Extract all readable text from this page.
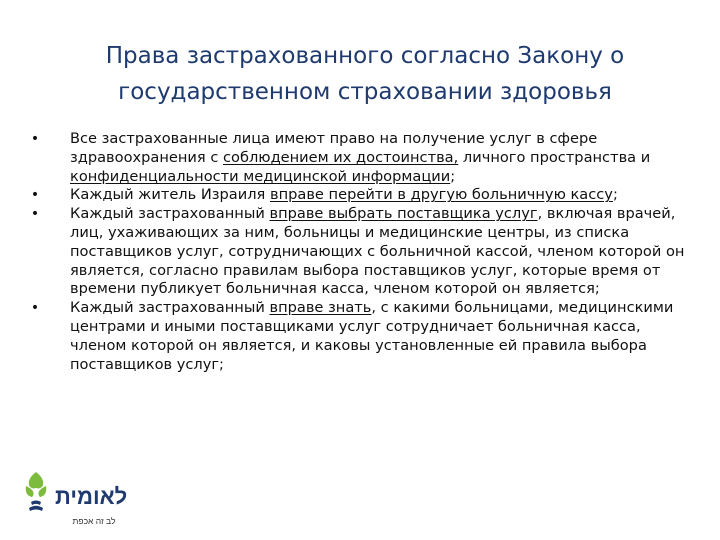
Права застрахованного согласно Закону о
государственном страховании здоровья
• Все застрахованные лица имеют право на получение услуг в сфере здравоохранения с соблюдением их достоинства, личного пространства и конфиденциальности медицинской информации;
• Каждый житель Израиля вправе перейти в другую больничную кассу;
• Каждый застрахованный вправе выбрать поставщика услуг, включая врачей, лиц, ухаживающих за ним, больницы и медицинские центры, из списка поставщиков услуг, сотрудничающих с больничной кассой, членом которой он является, согласно правилам выбора поставщиков услуг, которые время от времени публикует больничная касса, членом которой он является;
• Каждый застрахованный вправе знать, с какими больницами, медицинскими центрами и иными поставщиками услуг сотрудничает больничная касса, членом которой он является, и каковы установленные ей правила выбора поставщиков услуг;
לאומית
לב זה אכפת
